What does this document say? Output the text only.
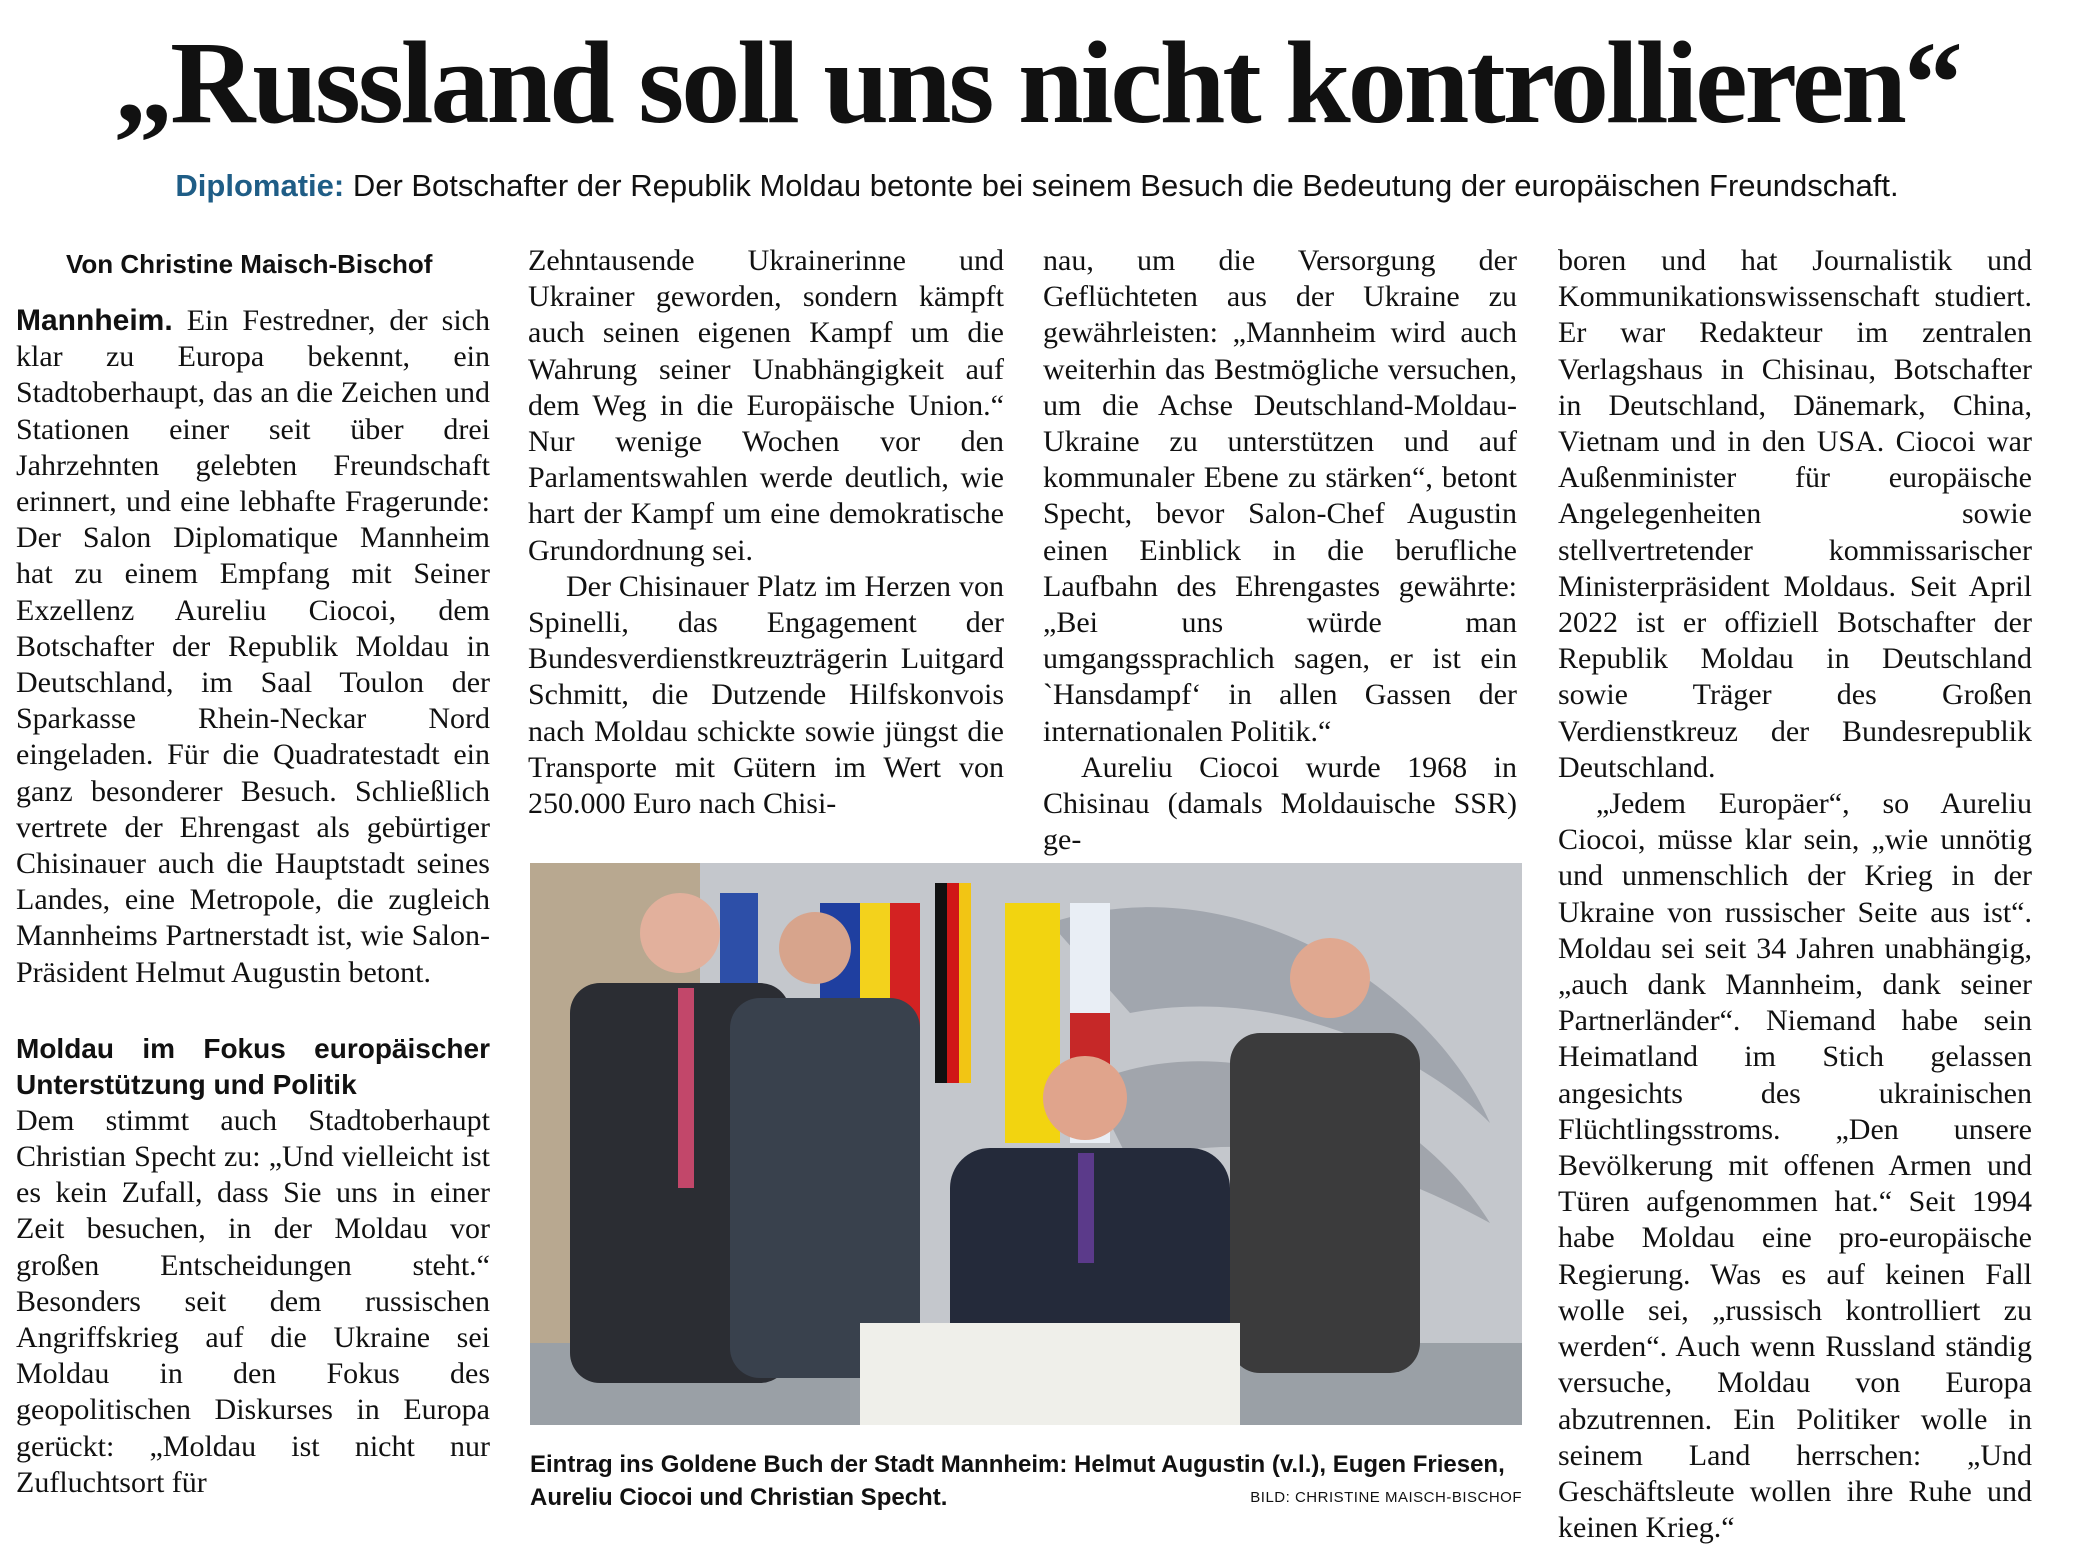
„Russland soll uns nicht kontrollieren“
Diplomatie: Der Botschafter der Republik Moldau betonte bei seinem Besuch die Bedeutung der europäischen Freundschaft.
Von Christine Maisch-Bischof

Mannheim. Ein Festredner, der sich klar zu Europa bekennt, ein Stadtoberhaupt, das an die Zeichen und Stationen einer seit über drei Jahrzehnten gelebten Freundschaft erinnert, und eine lebhafte Fragerunde: Der Salon Diplomatique Mannheim hat zu einem Empfang mit Seiner Exzellenz Aureliu Ciocoi, dem Botschafter der Republik Moldau in Deutschland, im Saal Toulon der Sparkasse Rhein-Neckar Nord eingeladen. Für die Quadratestadt ein ganz besonderer Besuch. Schließlich vertrete der Ehrengast als gebürtiger Chisinauer auch die Hauptstadt seines Landes, eine Metropole, die zugleich Mannheims Partnerstadt ist, wie Salon-Präsident Helmut Augustin betont.

Moldau im Fokus europäischer Unterstützung und Politik

Dem stimmt auch Stadtoberhaupt Christian Specht zu: „Und vielleicht ist es kein Zufall, dass Sie uns in einer Zeit besuchen, in der Moldau vor großen Entscheidungen steht.“ Besonders seit dem russischen Angriffskrieg auf die Ukraine sei Moldau in den Fokus des geopolitischen Diskurses in Europa gerückt: „Moldau ist nicht nur Zufluchtsort für

Zehntausende Ukrainerinne und Ukrainer geworden, sondern kämpft auch seinen eigenen Kampf um die Wahrung seiner Unabhängigkeit auf dem Weg in die Europäische Union.“ Nur wenige Wochen vor den Parlamentswahlen werde deutlich, wie hart der Kampf um eine demokratische Grundordnung sei.

Der Chisinauer Platz im Herzen von Spinelli, das Engagement der Bundesverdienstkreuzträgerin Luitgard Schmitt, die Dutzende Hilfskonvois nach Moldau schickte sowie jüngst die Transporte mit Gütern im Wert von 250.000 Euro nach Chisi-

nau, um die Versorgung der Geflüchteten aus der Ukraine zu gewährleisten: „Mannheim wird auch weiterhin das Bestmögliche versuchen, um die Achse Deutschland-Moldau-Ukraine zu unterstützen und auf kommunaler Ebene zu stärken“, betont Specht, bevor Salon-Chef Augustin einen Einblick in die berufliche Laufbahn des Ehrengastes gewährte: „Bei uns würde man umgangssprachlich sagen, er ist ein `Hansdampf‘ in allen Gassen der internationalen Politik.“

Aureliu Ciocoi wurde 1968 in Chisinau (damals Moldauische SSR) ge-

boren und hat Journalistik und Kommunikationswissenschaft studiert. Er war Redakteur im zentralen Verlagshaus in Chisinau, Botschafter in Deutschland, Dänemark, China, Vietnam und in den USA. Ciocoi war Außenminister für europäische Angelegenheiten sowie stellvertretender kommissarischer Ministerpräsident Moldaus. Seit April 2022 ist er offiziell Botschafter der Republik Moldau in Deutschland sowie Träger des Großen Verdienstkreuz der Bundesrepublik Deutschland.

„Jedem Europäer“, so Aureliu Ciocoi, müsse klar sein, „wie unnötig und unmenschlich der Krieg in der Ukraine von russischer Seite aus ist“. Moldau sei seit 34 Jahren unabhängig, „auch dank Mannheim, dank seiner Partnerländer“. Niemand habe sein Heimatland im Stich gelassen angesichts des ukrainischen Flüchtlingsstroms. „Den unsere Bevölkerung mit offenen Armen und Türen aufgenommen hat.“ Seit 1994 habe Moldau eine pro-europäische Regierung. Was es auf keinen Fall wolle sei, „russisch kontrolliert zu werden“. Auch wenn Russland ständig versuche, Moldau von Europa abzutrennen. Ein Politiker wolle in seinem Land herrschen: „Und Geschäftsleute wollen ihre Ruhe und keinen Krieg.“

Eintrag ins Goldene Buch der Stadt Mannheim: Helmut Augustin (v.l.), Eugen Friesen, Aureliu Ciocoi und Christian Specht.	BILD: CHRISTINE MAISCH-BISCHOF
